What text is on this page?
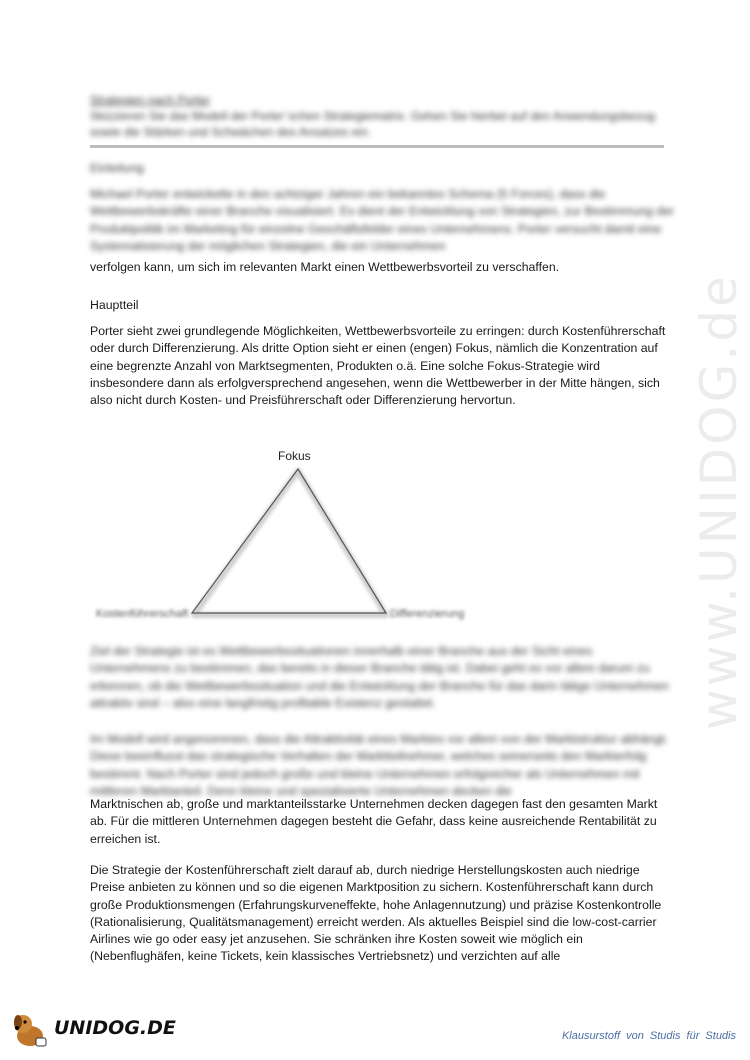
www.UNIDOG.de
Strategien nach Porter
Skizzieren Sie das Modell der Porter´schen Strategiematrix. Gehen Sie hierbei auf den Anwendungsbezug sowie die Stärken und Schwächen des Ansatzes ein.
Einleitung
Michael Porter entwickelte in den achtziger Jahren ein bekanntes Schema (5 Forces), dass die Wettbewerbskräfte einer Branche visualisiert. Es dient der Entwicklung von Strategien, zur Bestimmung der Produktpolitik im Marketing für einzelne Geschäftsfelder eines Unternehmens. Porter versucht damit eine Systematisierung der möglichen Strategien, die ein Unternehmen
verfolgen kann, um sich im relevanten Markt einen Wettbewerbsvorteil zu verschaffen.
Hauptteil
Porter sieht zwei grundlegende Möglichkeiten, Wettbewerbsvorteile zu erringen: durch Kostenführerschaft oder durch Differenzierung. Als dritte Option sieht er einen (engen) Fokus, nämlich die Konzentration auf eine begrenzte Anzahl von Marktsegmenten, Produkten o.ä. Eine solche Fokus-Strategie wird insbesondere dann als erfolgversprechend angesehen, wenn die Wettbewerber in der Mitte hängen, sich also nicht durch Kosten- und Preisführerschaft oder Differenzierung hervortun.
Fokus
Kostenführerschaft	Differenzierung
Ziel der Strategie ist es Wettbewerbssituationen innerhalb einer Branche aus der Sicht eines Unternehmens zu bestimmen, das bereits in dieser Branche tätig ist. Dabei geht es vor allem darum zu erkennen, ob die Wettbewerbssituation und die Entwicklung der Branche für das darin tätige Unternehmen attraktiv sind – also eine langfristig profitable Existenz gestattet.
Im Modell wird angenommen, dass die Attraktivität eines Marktes vor allem von der Marktstruktur abhängt. Diese beeinflusst das strategische Verhalten der Marktteilnehmer, welches seinerseits den Markterfolg bestimmt. Nach Porter sind jedoch große und kleine Unternehmen erfolgreicher als Unternehmen mit mittleren Marktanteil. Denn kleine und spezialisierte Unternehmen decken die
Marktnischen ab, große und marktanteilsstarke Unternehmen decken dagegen fast den gesamten Markt ab. Für die mittleren Unternehmen dagegen besteht die Gefahr, dass keine ausreichende Rentabilität zu erreichen ist.
Die Strategie der Kostenführerschaft zielt darauf ab, durch niedrige Herstellungskosten auch niedrige Preise anbieten zu können und so die eigenen Marktposition zu sichern. Kostenführerschaft kann durch große Produktionsmengen (Erfahrungskurveneffekte, hohe Anlagennutzung) und präzise Kostenkontrolle (Rationalisierung, Qualitätsmanagement) erreicht werden. Als aktuelles Beispiel sind die low-cost-carrier Airlines wie go oder easy jet anzusehen. Sie schränken ihre Kosten soweit wie möglich ein (Nebenflughäfen, keine Tickets, kein klassisches Vertriebsnetz) und verzichten auf alle
UNIDOG.DE	Klausurstoff von Studis für Studis
